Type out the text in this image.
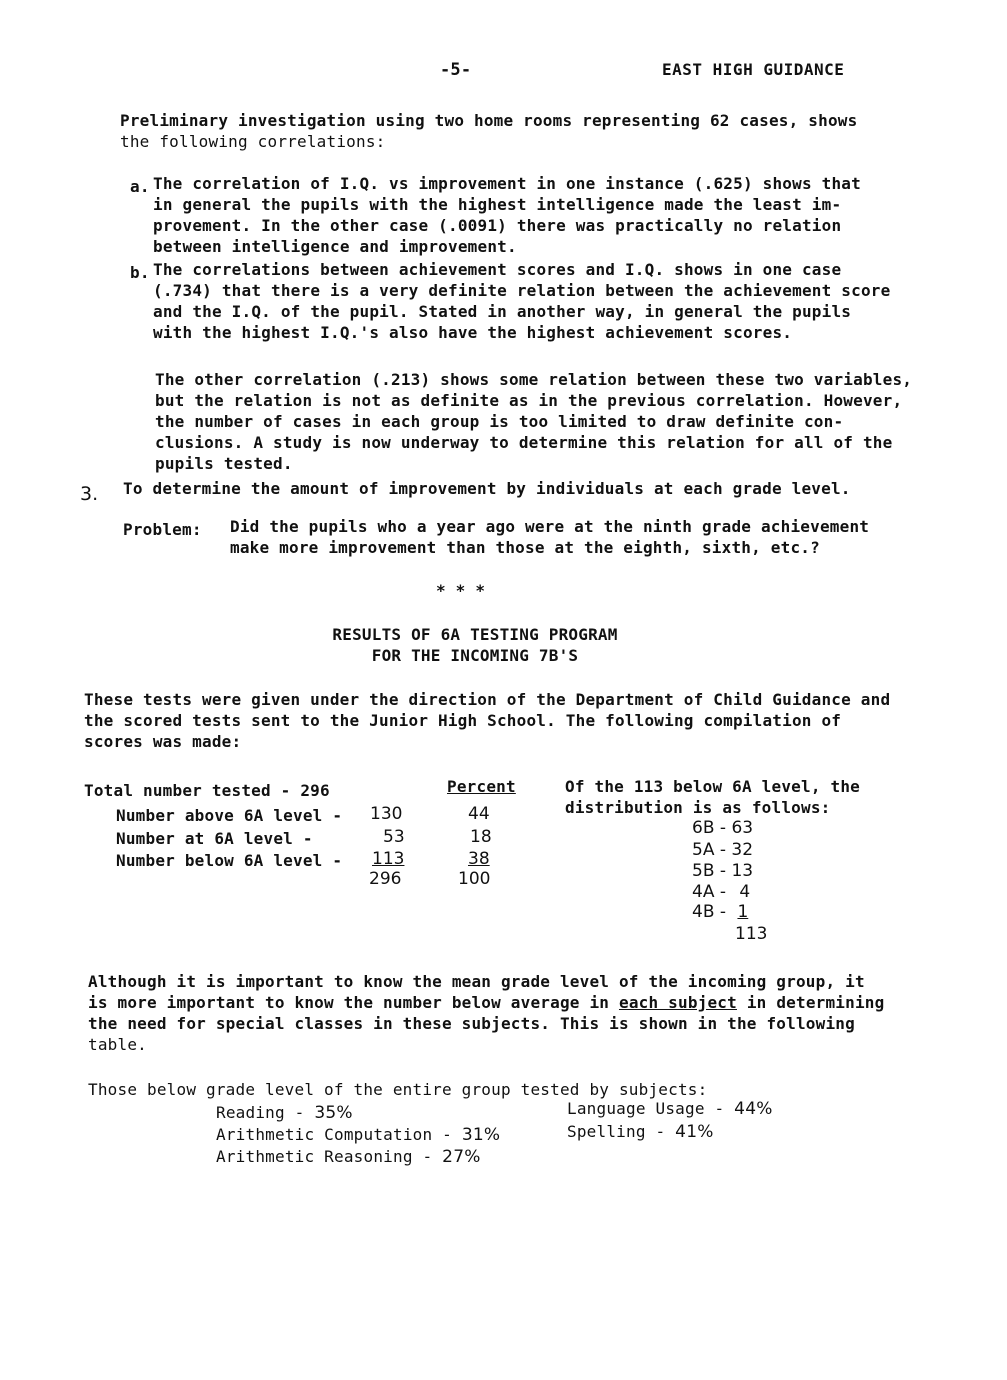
-5-	EAST HIGH GUIDANCE
Preliminary investigation using two home rooms representing 62 cases, shows
the following correlations:
a. The correlation of I.Q. vs improvement in one instance (.625) shows that
in general the pupils with the highest intelligence made the least im-
provement. In the other case (.0091) there was practically no relation
between intelligence and improvement.
b. The correlations between achievement scores and I.Q. shows in one case
(.734) that there is a very definite relation between the achievement score
and the I.Q. of the pupil. Stated in another way, in general the pupils
with the highest I.Q.'s also have the highest achievement scores.
The other correlation (.213) shows some relation between these two variables,
but the relation is not as definite as in the previous correlation. However,
the number of cases in each group is too limited to draw definite con-
clusions. A study is now underway to determine this relation for all of the
pupils tested.
3. To determine the amount of improvement by individuals at each grade level.
Problem: Did the pupils who a year ago were at the ninth grade achievement
make more improvement than those at the eighth, sixth, etc.?
* * *
RESULTS OF 6A TESTING PROGRAM
FOR THE INCOMING 7B'S
These tests were given under the direction of the Department of Child Guidance and
the scored tests sent to the Junior High School. The following compilation of
scores was made:
Total number tested - 296	Percent
Number above 6A level - 130	44
Number at 6A level -	53	18
Number below 6A level - 113	38
296	100
Of the 113 below 6A level, the
distribution is as follows:
6B - 63
5A - 32
5B - 13
4A - 4
4B - 1
113
Although it is important to know the mean grade level of the incoming group, it
is more important to know the number below average in each subject in determining
the need for special classes in these subjects. This is shown in the following
table.
Those below grade level of the entire group tested by subjects:
Reading - 35%
Arithmetic Computation - 31%
Arithmetic Reasoning - 27%
Language Usage - 44%
Spelling - 41%
